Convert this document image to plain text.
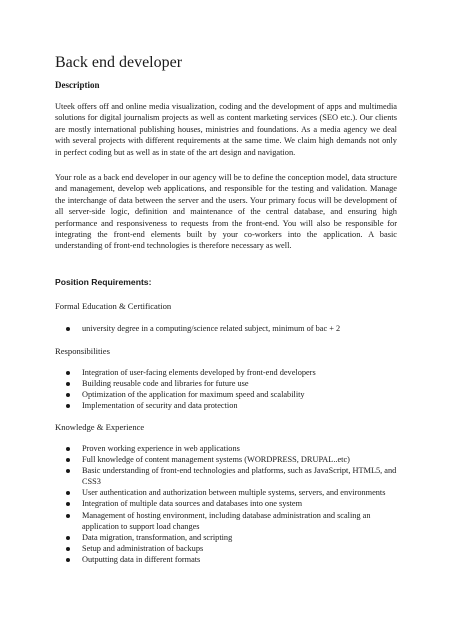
Back end developer
Description

Uteek offers off and online media visualization, coding and the development of apps and multimedia solutions for digital journalism projects as well as content marketing services (SEO etc.). Our clients are mostly international publishing houses, ministries and foundations. As a media agency we deal with several projects with different requirements at the same time. We claim high demands not only in perfect coding but as well as in state of the art design and navigation.

Your role as a back end developer in our agency will be to define the conception model, data structure and management, develop web applications, and responsible for the testing and validation. Manage the interchange of data between the server and the users. Your primary focus will be development of all server-side logic, definition and maintenance of the central database, and ensuring high performance and responsiveness to requests from the front-end. You will also be responsible for integrating the front-end elements built by your co-workers into the application. A basic understanding of front-end technologies is therefore necessary as well.

Position Requirements:

Formal Education & Certification

university degree in a computing/science related subject, minimum of bac + 2

Responsibilities

Integration of user-facing elements developed by front-end developers
Building reusable code and libraries for future use
Optimization of the application for maximum speed and scalability
Implementation of security and data protection

Knowledge & Experience

Proven working experience in web applications
Full knowledge of content management systems (WORDPRESS, DRUPAL..etc)
Basic understanding of front-end technologies and platforms, such as JavaScript, HTML5, and CSS3
User authentication and authorization between multiple systems, servers, and environments
Integration of multiple data sources and databases into one system
Management of hosting environment, including database administration and scaling an application to support load changes
Data migration, transformation, and scripting
Setup and administration of backups
Outputting data in different formats
